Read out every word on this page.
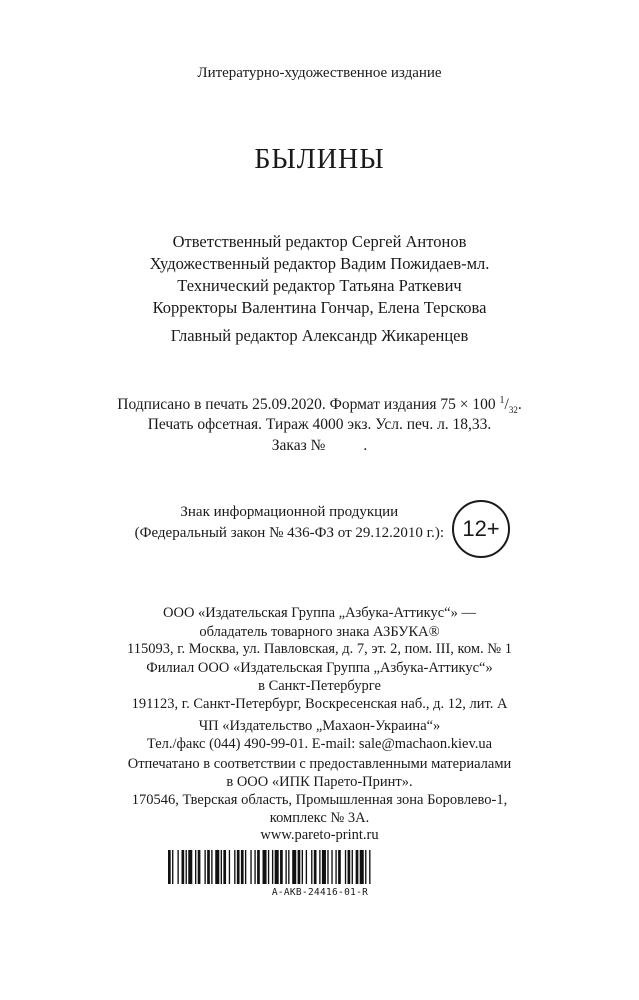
Литературно-художественное издание
БЫЛИНЫ
Ответственный редактор Сергей Антонов
Художественный редактор Вадим Пожидаев-мл.
Технический редактор Татьяна Раткевич
Корректоры Валентина Гончар, Елена Терскова
Главный редактор Александр Жикаренцев
Подписано в печать 25.09.2020. Формат издания 75 × 100 $^1/_{32}$.
Печать офсетная. Тираж 4000 экз. Усл. печ. л. 18,33.
Заказ № .
Знак информационной продукции
(Федеральный закон № 436-ФЗ от 29.12.2010 г.): 12+
ООО «Издательская Группа „Азбука-Аттикус“» —
обладатель товарного знака АЗБУКА®
115093, г. Москва, ул. Павловская, д. 7, эт. 2, пом. III, ком. № 1
Филиал ООО «Издательская Группа „Азбука-Аттикус“»
в Санкт-Петербурге
191123, г. Санкт-Петербург, Воскресенская наб., д. 12, лит. А
ЧП «Издательство „Махаон-Украина“»
Тел./факс (044) 490-99-01. E-mail: sale@machaon.kiev.ua
Отпечатано в соответствии с предоставленными материалами
в ООО «ИПК Парето-Принт».
170546, Тверская область, Промышленная зона Боровлево-1,
комплекс № 3А.
www.pareto-print.ru
A-AKB-24416-01-R
